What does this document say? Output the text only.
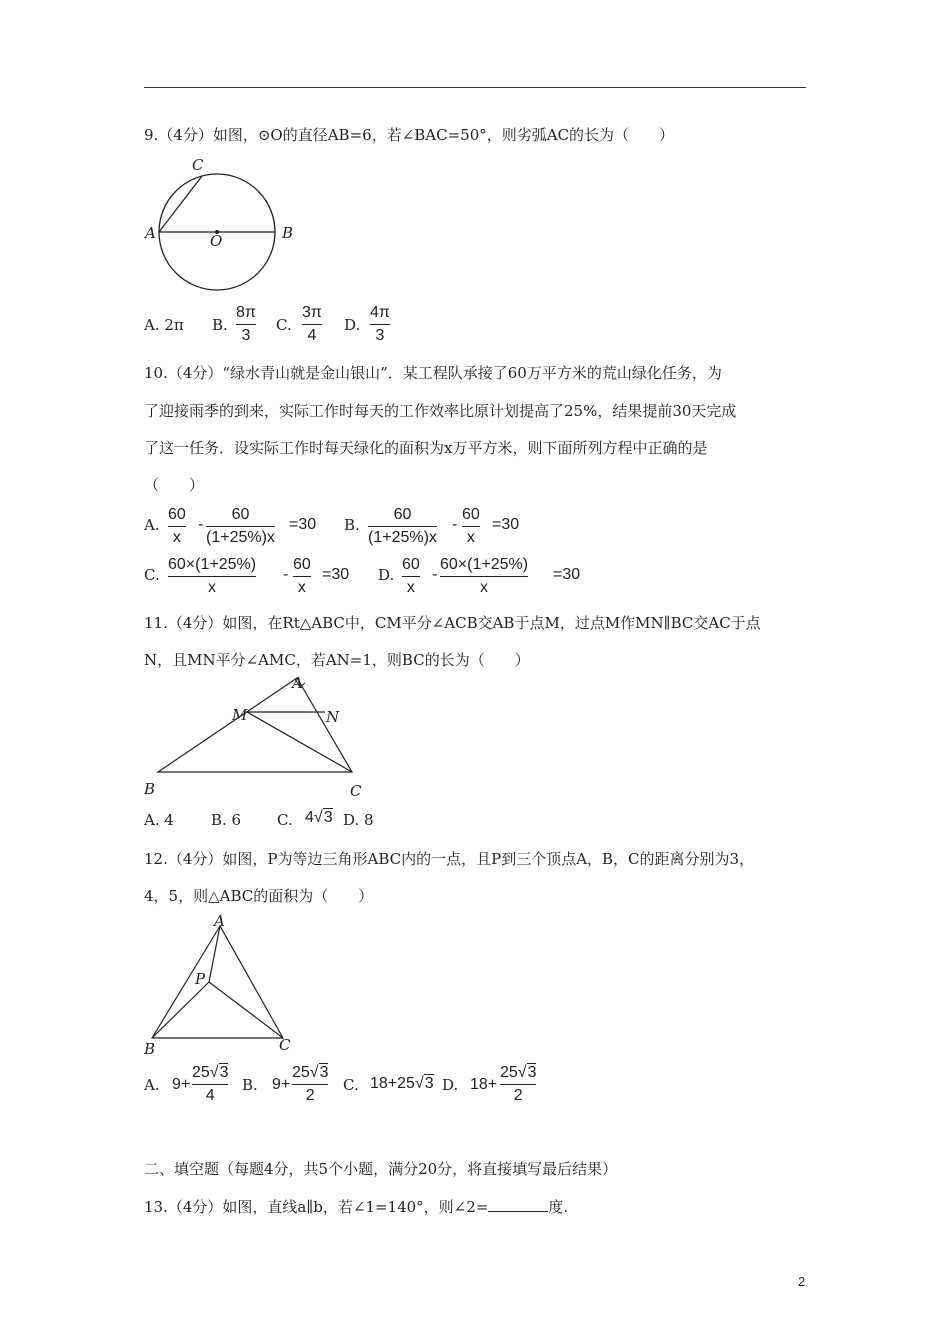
9.（4分）如图，⊙O的直径AB=6，若∠BAC=50°，则劣弧AC的长为（　　）
C
A	O	B
A. 2π B.
8π
3
C.
3π
4
D.
4π
3
10.（4分）“绿水青山就是金山银山”．某工程队承接了60万平方米的荒山绿化任务，为
了迎接雨季的到来，实际工作时每天的工作效率比原计划提高了25%，结果提前30天完成
了这一任务．设实际工作时每天绿化的面积为x万平方米，则下面所列方程中正确的是
（　　）
A.
60
x
-
60
(1+25%)x
=30 B.
60
(1+25%)x
-
60
x
=30
C.
60×(1+25%)
x
-
60
x
=30 D.
60
x
-
60×(1+25%)
x
=30
11.（4分）如图，在Rt△ABC中，CM平分∠ACB交AB于点M，过点M作MN∥BC交AC于点
N，且MN平分∠AMC，若AN=1，则BC的长为（　　）
A
M	N
B	C
A. 4 B. 6 C. 4√3 D. 8
12.（4分）如图，P为等边三角形ABC内的一点，且P到三个顶点A，B，C的距离分别为3，
4，5，则△ABC的面积为（　　）
A
P
B	C
A. 9+
25√3
4
B. 9+
25√3
2
C. 18+25√3 D. 18+
25√3
2
二、填空题（每题4分，共5个小题，满分20分，将直接填写最后结果）
13.（4分）如图，直线a∥b，若∠1=140°，则∠2=	度.
2
